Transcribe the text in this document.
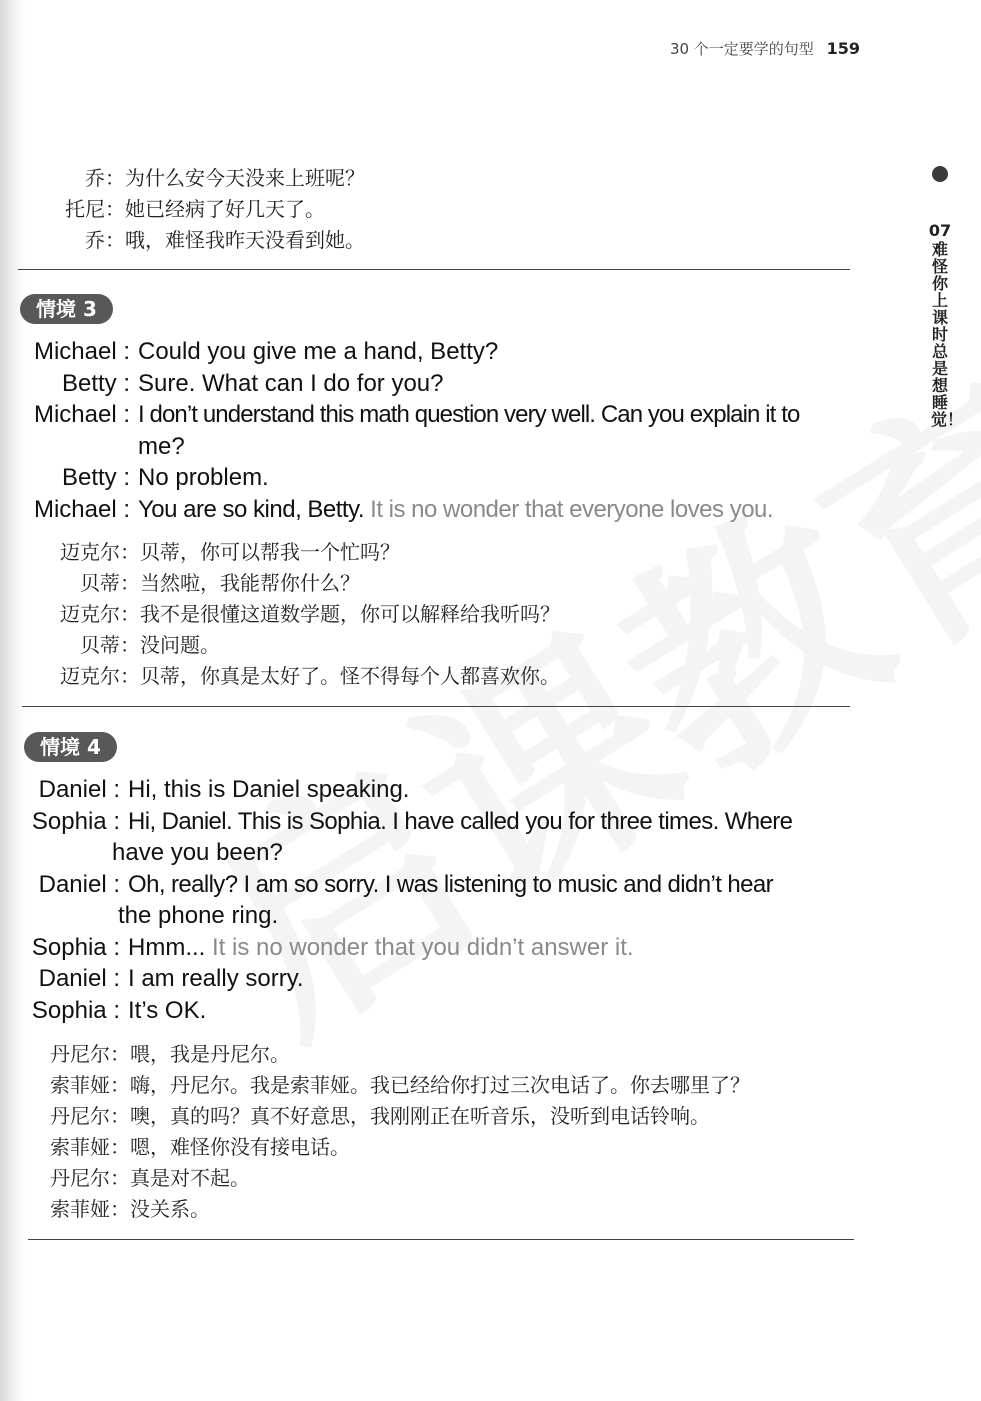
30 个一定要学的句型 159
07
难怪你上课时总是想睡觉！
乔： 为什么安今天没来上班呢？
托尼： 她已经病了好几天了。
乔： 哦，难怪我昨天没看到她。
情境 3
Michael : Could you give me a hand, Betty?
Betty : Sure. What can I do for you?
Michael : I don’t understand this math question very well. Can you explain it to
me?
Betty : No problem.
Michael : You are so kind, Betty. It is no wonder that everyone loves you.
迈克尔： 贝蒂，你可以帮我一个忙吗？
贝蒂： 当然啦，我能帮你什么？
迈克尔： 我不是很懂这道数学题，你可以解释给我听吗？
贝蒂： 没问题。
迈克尔： 贝蒂，你真是太好了。怪不得每个人都喜欢你。
情境 4
Daniel : Hi, this is Daniel speaking.
Sophia : Hi, Daniel. This is Sophia. I have called you for three times. Where
have you been?
Daniel : Oh, really? I am so sorry. I was listening to music and didn’t hear
the phone ring.
Sophia : Hmm... It is no wonder that you didn’t answer it.
Daniel : I am really sorry.
Sophia : It’s OK.
丹尼尔： 喂，我是丹尼尔。
索菲娅： 嗨，丹尼尔。我是索菲娅。我已经给你打过三次电话了。你去哪里了？
丹尼尔： 噢，真的吗？真不好意思，我刚刚正在听音乐，没听到电话铃响。
索菲娅： 嗯，难怪你没有接电话。
丹尼尔： 真是对不起。
索菲娅： 没关系。
